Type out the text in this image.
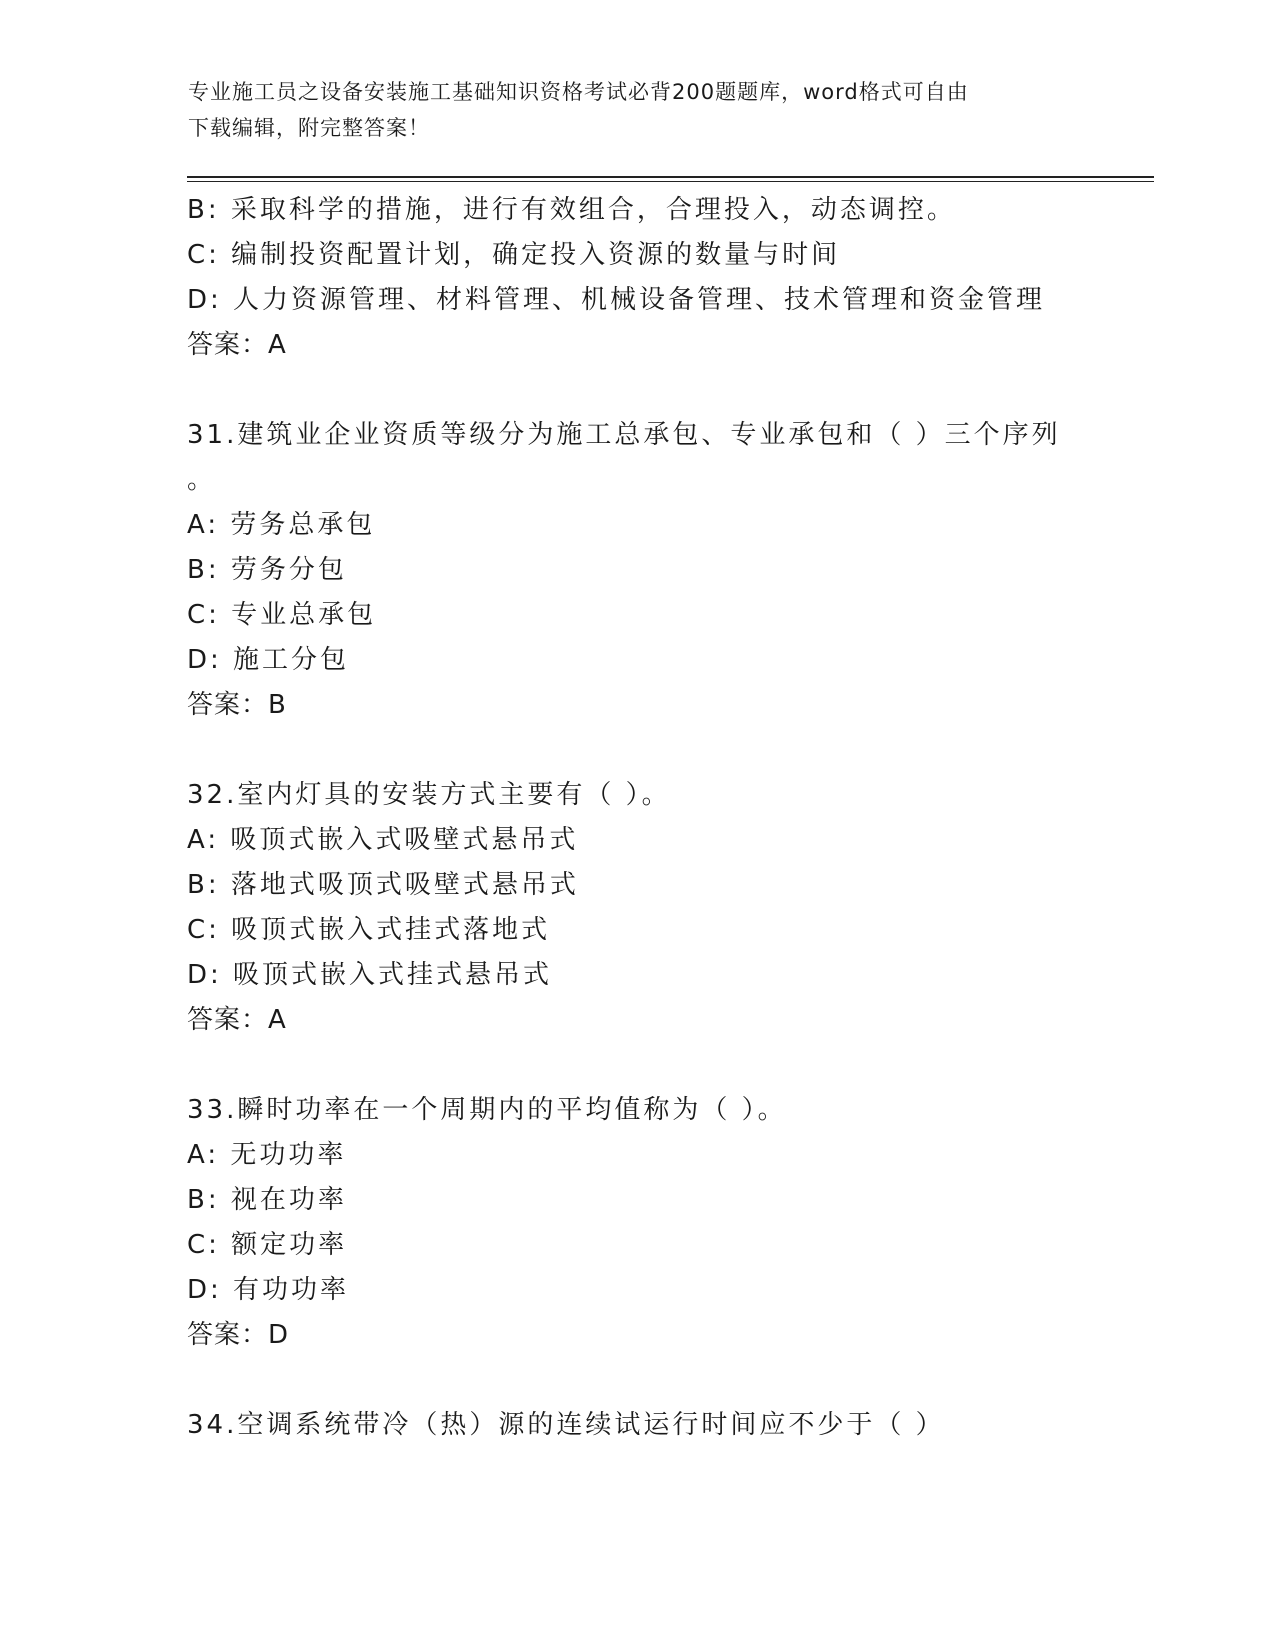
专业施工员之设备安装施工基础知识资格考试必背200题题库，word格式可自由
下载编辑，附完整答案！
B: 采取科学的措施，进行有效组合，合理投入，动态调控。
C: 编制投资配置计划，确定投入资源的数量与时间
D: 人力资源管理、材料管理、机械设备管理、技术管理和资金管理
答案：A
31.建筑业企业资质等级分为施工总承包、专业承包和（ ）三个序列
。
A: 劳务总承包
B: 劳务分包
C: 专业总承包
D: 施工分包
答案：B
32.室内灯具的安装方式主要有（ ）。
A: 吸顶式嵌入式吸壁式悬吊式
B: 落地式吸顶式吸壁式悬吊式
C: 吸顶式嵌入式挂式落地式
D: 吸顶式嵌入式挂式悬吊式
答案：A
33.瞬时功率在一个周期内的平均值称为（ ）。
A: 无功功率
B: 视在功率
C: 额定功率
D: 有功功率
答案：D
34.空调系统带冷（热）源的连续试运行时间应不少于（ ）
